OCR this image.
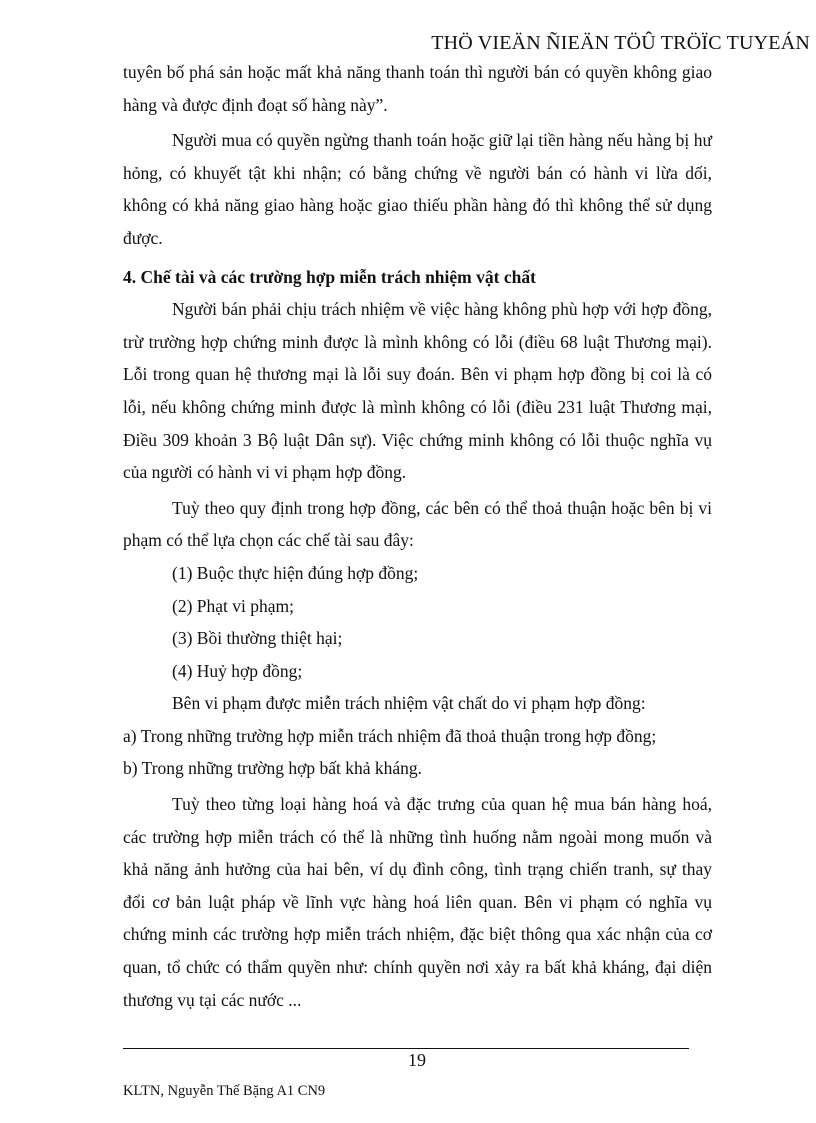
THÖ VIEÄN ÑIEÄN TÖÛ TRÖÏC TUYEÁN

tuyên bố phá sản hoặc mất khả năng thanh toán thì người bán có quyền không giao hàng và được định đoạt số hàng này”.

Người mua có quyền ngừng thanh toán hoặc giữ lại tiền hàng nếu hàng bị hư hỏng, có khuyết tật khi nhận; có bằng chứng về người bán có hành vi lừa dối, không có khả năng giao hàng hoặc giao thiếu phần hàng đó thì không thể sử dụng được.

4. Chế tài và các trường hợp miễn trách nhiệm vật chất

Người bán phải chịu trách nhiệm về việc hàng không phù hợp với hợp đồng, trừ trường hợp chứng minh được là mình không có lỗi (điều 68 luật Thương mại). Lỗi trong quan hệ thương mại là lỗi suy đoán. Bên vi phạm hợp đồng bị coi là có lỗi, nếu không chứng minh được là mình không có lỗi (điều 231 luật Thương mại, Điều 309 khoản 3 Bộ luật Dân sự). Việc chứng minh không có lỗi thuộc nghĩa vụ của người có hành vi vi phạm hợp đồng.

Tuỳ theo quy định trong hợp đồng, các bên có thể thoả thuận hoặc bên bị vi phạm có thể lựa chọn các chế tài sau đây:

(1) Buộc thực hiện đúng hợp đồng;

(2) Phạt vi phạm;

(3) Bồi thường thiệt hại;

(4) Huỷ hợp đồng;

Bên vi phạm được miễn trách nhiệm vật chất do vi phạm hợp đồng:

a) Trong những trường hợp miễn trách nhiệm đã thoả thuận trong hợp đồng;

b) Trong những trường hợp bất khả kháng.

Tuỳ theo từng loại hàng hoá và đặc trưng của quan hệ mua bán hàng hoá, các trường hợp miễn trách có thể là những tình huống nằm ngoài mong muốn và khả năng ảnh hưởng của hai bên, ví dụ đình công, tình trạng chiến tranh, sự thay đổi cơ bản luật pháp về lĩnh vực hàng hoá liên quan. Bên vi phạm có nghĩa vụ chứng minh các trường hợp miễn trách nhiệm, đặc biệt thông qua xác nhận của cơ quan, tổ chức có thẩm quyền như: chính quyền nơi xảy ra bất khả kháng, đại diện thương vụ tại các nước ...

19
KLTN, Nguyễn Thế Bặng A1 CN9
